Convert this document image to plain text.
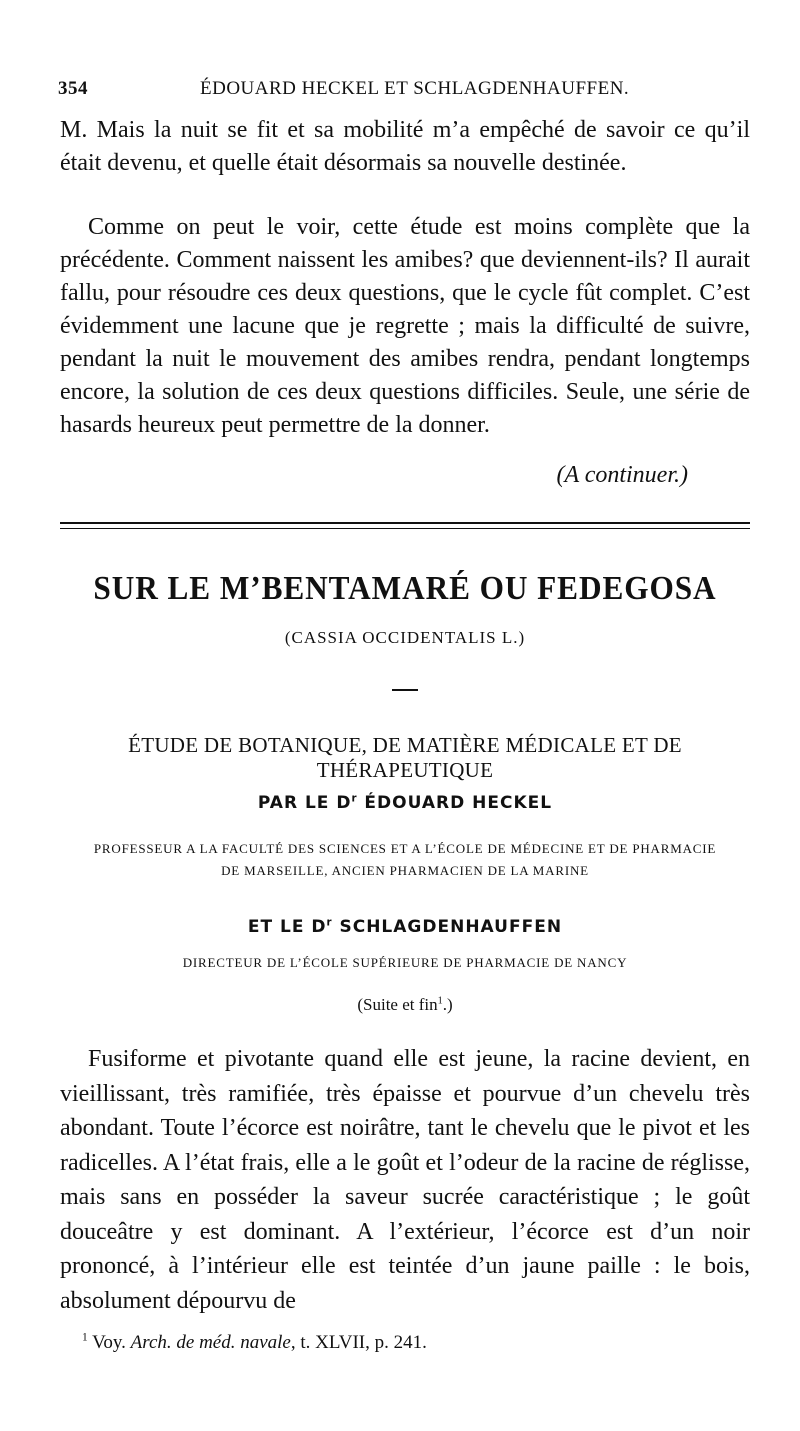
354	ÉDOUARD HECKEL ET SCHLAGDENHAUFFEN.
M. Mais la nuit se fit et sa mobilité m’a empêché de savoir ce qu’il était devenu, et quelle était désormais sa nouvelle destinée.
Comme on peut le voir, cette étude est moins complète que la précédente. Comment naissent les amibes? que deviennent-ils? Il aurait fallu, pour résoudre ces deux questions, que le cycle fût complet. C’est évidemment une lacune que je regrette ; mais la difficulté de suivre, pendant la nuit le mouvement des amibes rendra, pendant longtemps encore, la solution de ces deux questions difficiles. Seule, une série de hasards heureux peut permettre de la donner.
(A continuer.)
SUR LE M’BENTAMARÉ OU FEDEGOSA
(CASSIA OCCIDENTALIS L.)
ÉTUDE DE BOTANIQUE, DE MATIÈRE MÉDICALE ET DE THÉRAPEUTIQUE
PAR LE $D^r$ ÉDOUARD HECKEL
PROFESSEUR A LA FACULTÉ DES SCIENCES ET A L’ÉCOLE DE MÉDECINE ET DE PHARMACIE
DE MARSEILLE, ANCIEN PHARMACIEN DE LA MARINE
ET LE $D^r$ SCHLAGDENHAUFFEN
DIRECTEUR DE L’ÉCOLE SUPÉRIEURE DE PHARMACIE DE NANCY
(Suite et fin$^1$.)
Fusiforme et pivotante quand elle est jeune, la racine devient, en vieillissant, très ramifiée, très épaisse et pourvue d’un chevelu très abondant. Toute l’écorce est noirâtre, tant le chevelu que le pivot et les radicelles. A l’état frais, elle a le goût et l’odeur de la racine de réglisse, mais sans en posséder la saveur sucrée caractéristique ; le goût douceâtre y est dominant. A l’extérieur, l’écorce est d’un noir prononcé, à l’intérieur elle est teintée d’un jaune paille : le bois, absolument dépourvu de
$^1$ Voy. Arch. de méd. navale, t. XLVII, p. 241.
